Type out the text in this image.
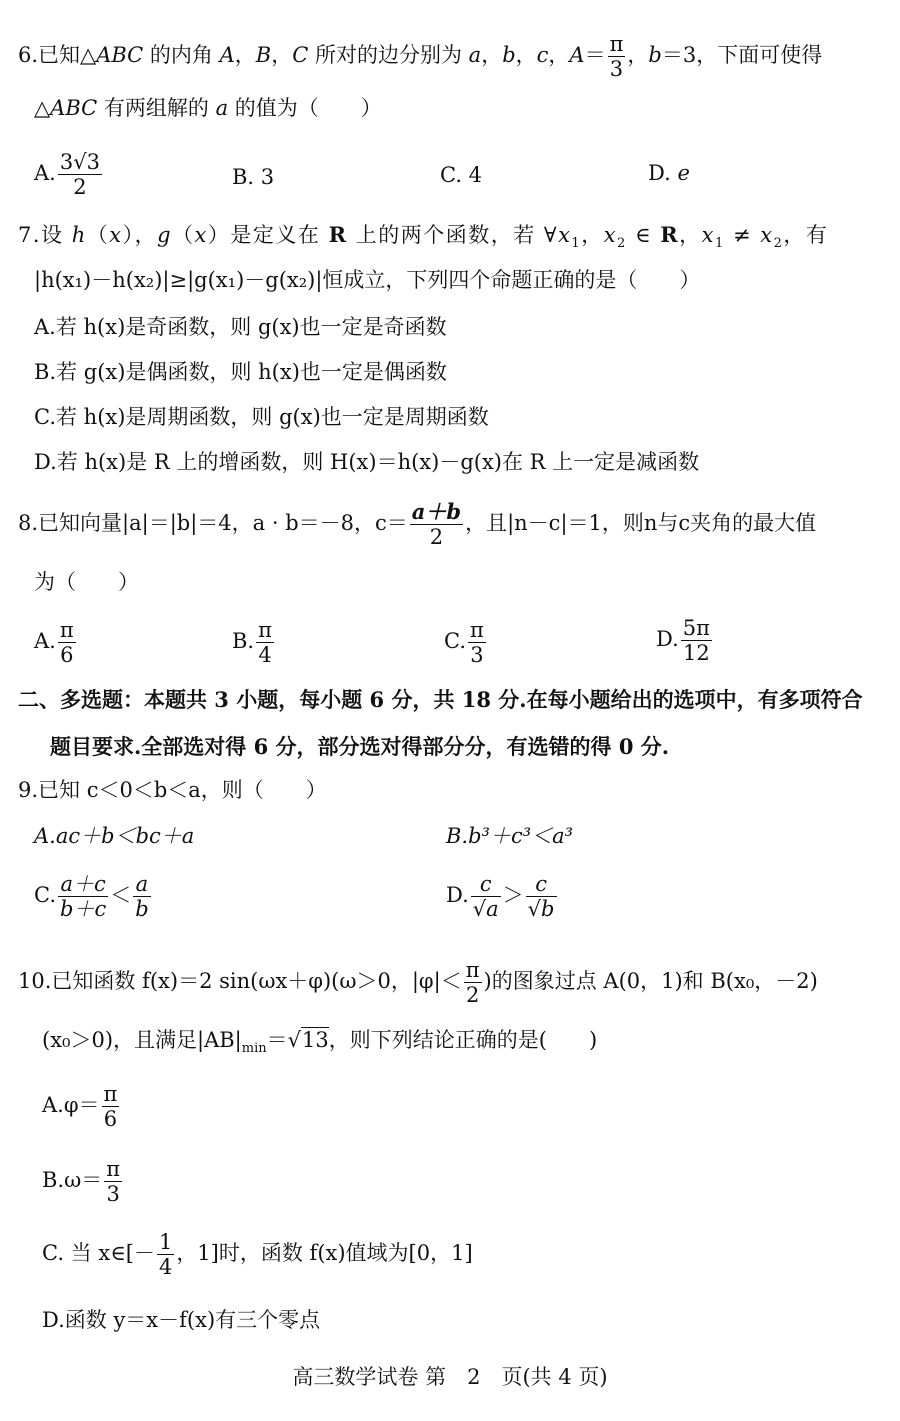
6.已知△ABC 的内角 A，B，C 所对的边分别为 a，b，c，$A= \frac{\pi}{3}$ ，b＝3，下面可使得
△ABC 有两组解的 a 的值为（　　）
A. $\frac{3√3}{2}$	B. 3	C. 4	D. e
7.设 h（x），g（x）是定义在 R 上的两个函数，若 $\forall x_1$，$x_2$ ∈ R，$x_1 \ne x_2$，有
|h(x₁)－h(x₂)|≥|g(x₁)－g(x₂)|恒成立，下列四个命题正确的是（　　）
A.若 h(x)是奇函数，则 g(x)也一定是奇函数
B.若 g(x)是偶函数，则 h(x)也一定是偶函数
C.若 h(x)是周期函数，则 g(x)也一定是周期函数
D.若 h(x)是 R 上的增函数，则 H(x)＝h(x)－g(x)在 R 上一定是减函数
8.已知向量|a|＝|b|＝4，a · b＝－8，$c= \frac{a+b}{2}$ ，且|n－c|＝1，则n与c夹角的最大值
为（　　）
A. $\frac{\pi}{6}$	B. $\frac{\pi}{4}$	C. $\frac{\pi}{3}$	D. $\frac{5\pi}{12}$
二、多选题：本题共 3 小题，每小题 6 分，共 18 分.在每小题给出的选项中，有多项符合
题目要求.全部选对得 6 分，部分选对得部分分，有选错的得 0 分.
9.已知 c＜0＜b＜a，则（　　）
A.ac＋b＜bc＋a	B.b³＋c³＜a³
C. $\frac{a+c}{b+c} < \frac{a}{b}$	D. $\frac{c}{√a} > \frac{c}{√b}$
10.已知函数 f(x)＝2 sin(ωx＋φ)(ω＞0，$|\varphi|< \frac{\pi}{2}$ )的图象过点 A(0，1)和 B(x₀，－2)
(x₀＞0)，且满足$|AB|_{min}=√13$，则下列结论正确的是(　　)
$A.\varphi= \frac{\pi}{6}$
$B.\omega= \frac{\pi}{3}$
C. 当 x∈[－ $\frac{1}{4}$ ，1]时，函数 f(x)值域为[0，1]
D.函数 y＝x－f(x)有三个零点
高三数学试卷 第　2　页(共 4 页)
